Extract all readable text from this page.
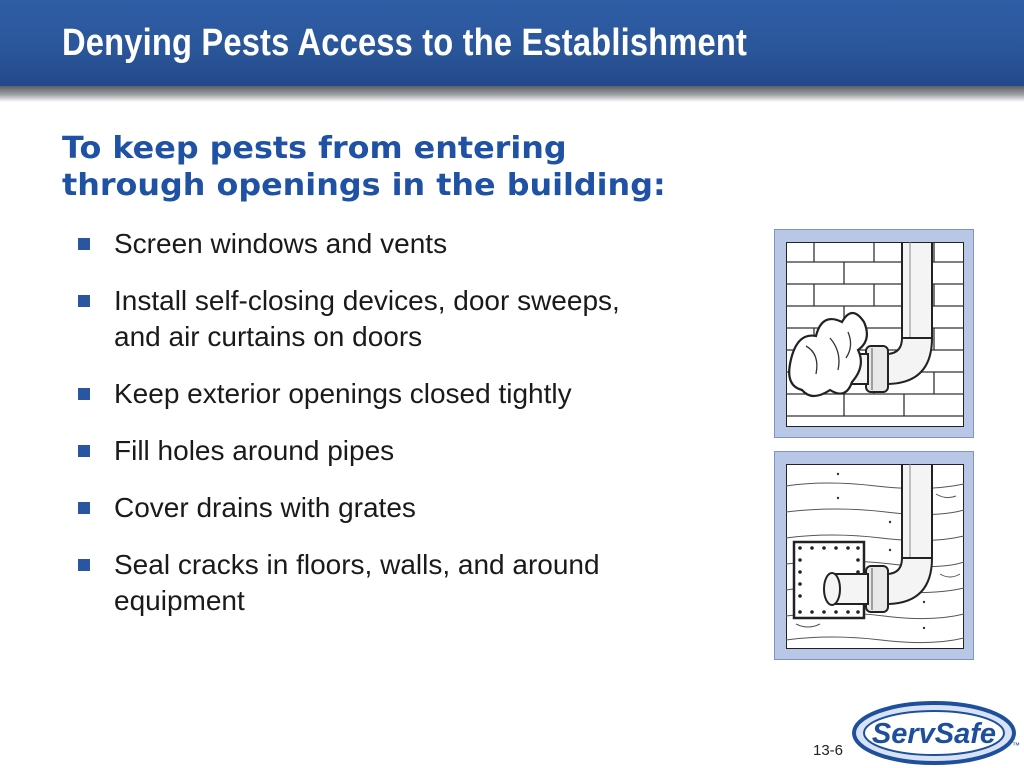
Denying Pests Access to the Establishment
To keep pests from entering
through openings in the building:
Screen windows and vents
Install self-closing devices, door sweeps,
and air curtains on doors
Keep exterior openings closed tightly
Fill holes around pipes
Cover drains with grates
Seal cracks in floors, walls, and around
equipment
ServSafe ™
13-6
